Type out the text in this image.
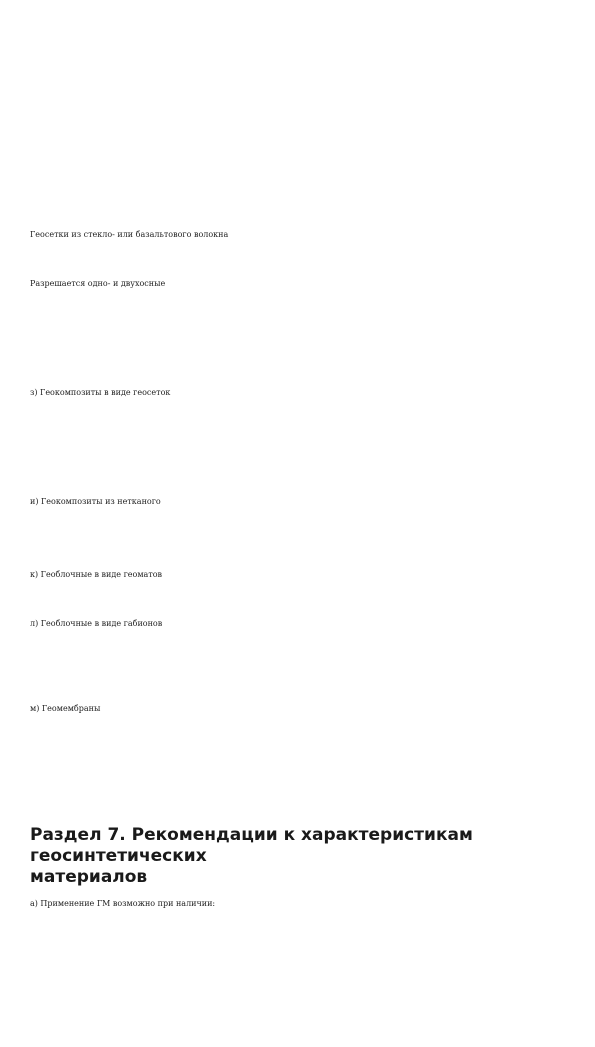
Геосетки из стекло- или базальтового волокна
Разрешается одно- и двухосные
з) Геокомпозиты в виде геосеток
и) Геокомпозиты из нетканого
к) Геоблочные в виде геоматов
л) Геоблочные в виде габионов
м) Геомембраны
Раздел 7. Рекомендации к характеристикам геосинтетических
материалов
а) Применение ГМ возможно при наличии:
